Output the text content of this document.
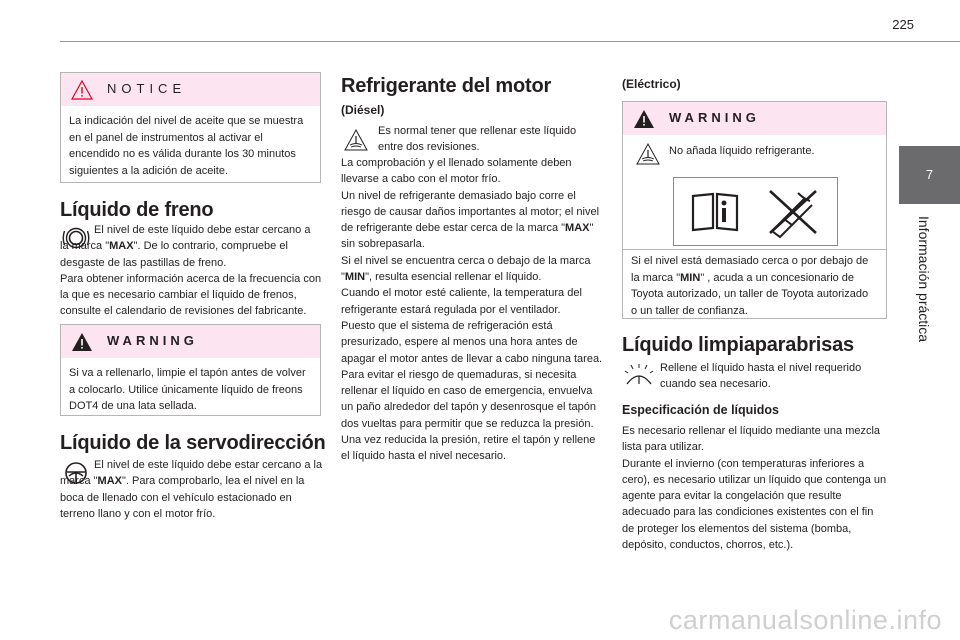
225
7
Información práctica
NOTICE
La indicación del nivel de aceite que se muestra en el panel de instrumentos al activar el encendido no es válida durante los 30 minutos siguientes a la adición de aceite.
Líquido de freno
El nivel de este líquido debe estar cercano a la marca "MAX". De lo contrario, compruebe el desgaste de las pastillas de freno.
Para obtener información acerca de la frecuencia con la que es necesario cambiar el líquido de frenos, consulte el calendario de revisiones del fabricante.
WARNING
Si va a rellenarlo, limpie el tapón antes de volver a colocarlo. Utilice únicamente líquido de freons DOT4 de una lata sellada.
Líquido de la servodirección
El nivel de este líquido debe estar cercano a la marca "MAX". Para comprobarlo, lea el nivel en la boca de llenado con el vehículo estacionado en terreno llano y con el motor frío.
Refrigerante del motor
(Diésel)
Es normal tener que rellenar este líquido entre dos revisiones.
La comprobación y el llenado solamente deben llevarse a cabo con el motor frío.
Un nivel de refrigerante demasiado bajo corre el riesgo de causar daños importantes al motor; el nivel de refrigerante debe estar cerca de la marca "MAX" sin sobrepasarla.
Si el nivel se encuentra cerca o debajo de la marca "MIN", resulta esencial rellenar el líquido.
Cuando el motor esté caliente, la temperatura del refrigerante estará regulada por el ventilador.
Puesto que el sistema de refrigeración está presurizado, espere al menos una hora antes de apagar el motor antes de llevar a cabo ninguna tarea.
Para evitar el riesgo de quemaduras, si necesita rellenar el líquido en caso de emergencia, envuelva un paño alrededor del tapón y desenrosque el tapón dos vueltas para permitir que se reduzca la presión.
Una vez reducida la presión, retire el tapón y rellene el líquido hasta el nivel necesario.
(Eléctrico)
WARNING
No añada líquido refrigerante.
Si el nivel está demasiado cerca o por debajo de la marca "MIN" , acuda a un concesionario de Toyota autorizado, un taller de Toyota autorizado o un taller de confianza.
Líquido limpiaparabrisas
Rellene el líquido hasta el nivel requerido cuando sea necesario.
Especificación de líquidos
Es necesario rellenar el líquido mediante una mezcla lista para utilizar.
Durante el invierno (con temperaturas inferiores a cero), es necesario utilizar un líquido que contenga un agente para evitar la congelación que resulte adecuado para las condiciones existentes con el fin de proteger los elementos del sistema (bomba, depósito, conductos, chorros, etc.).
carmanualsonline.info
